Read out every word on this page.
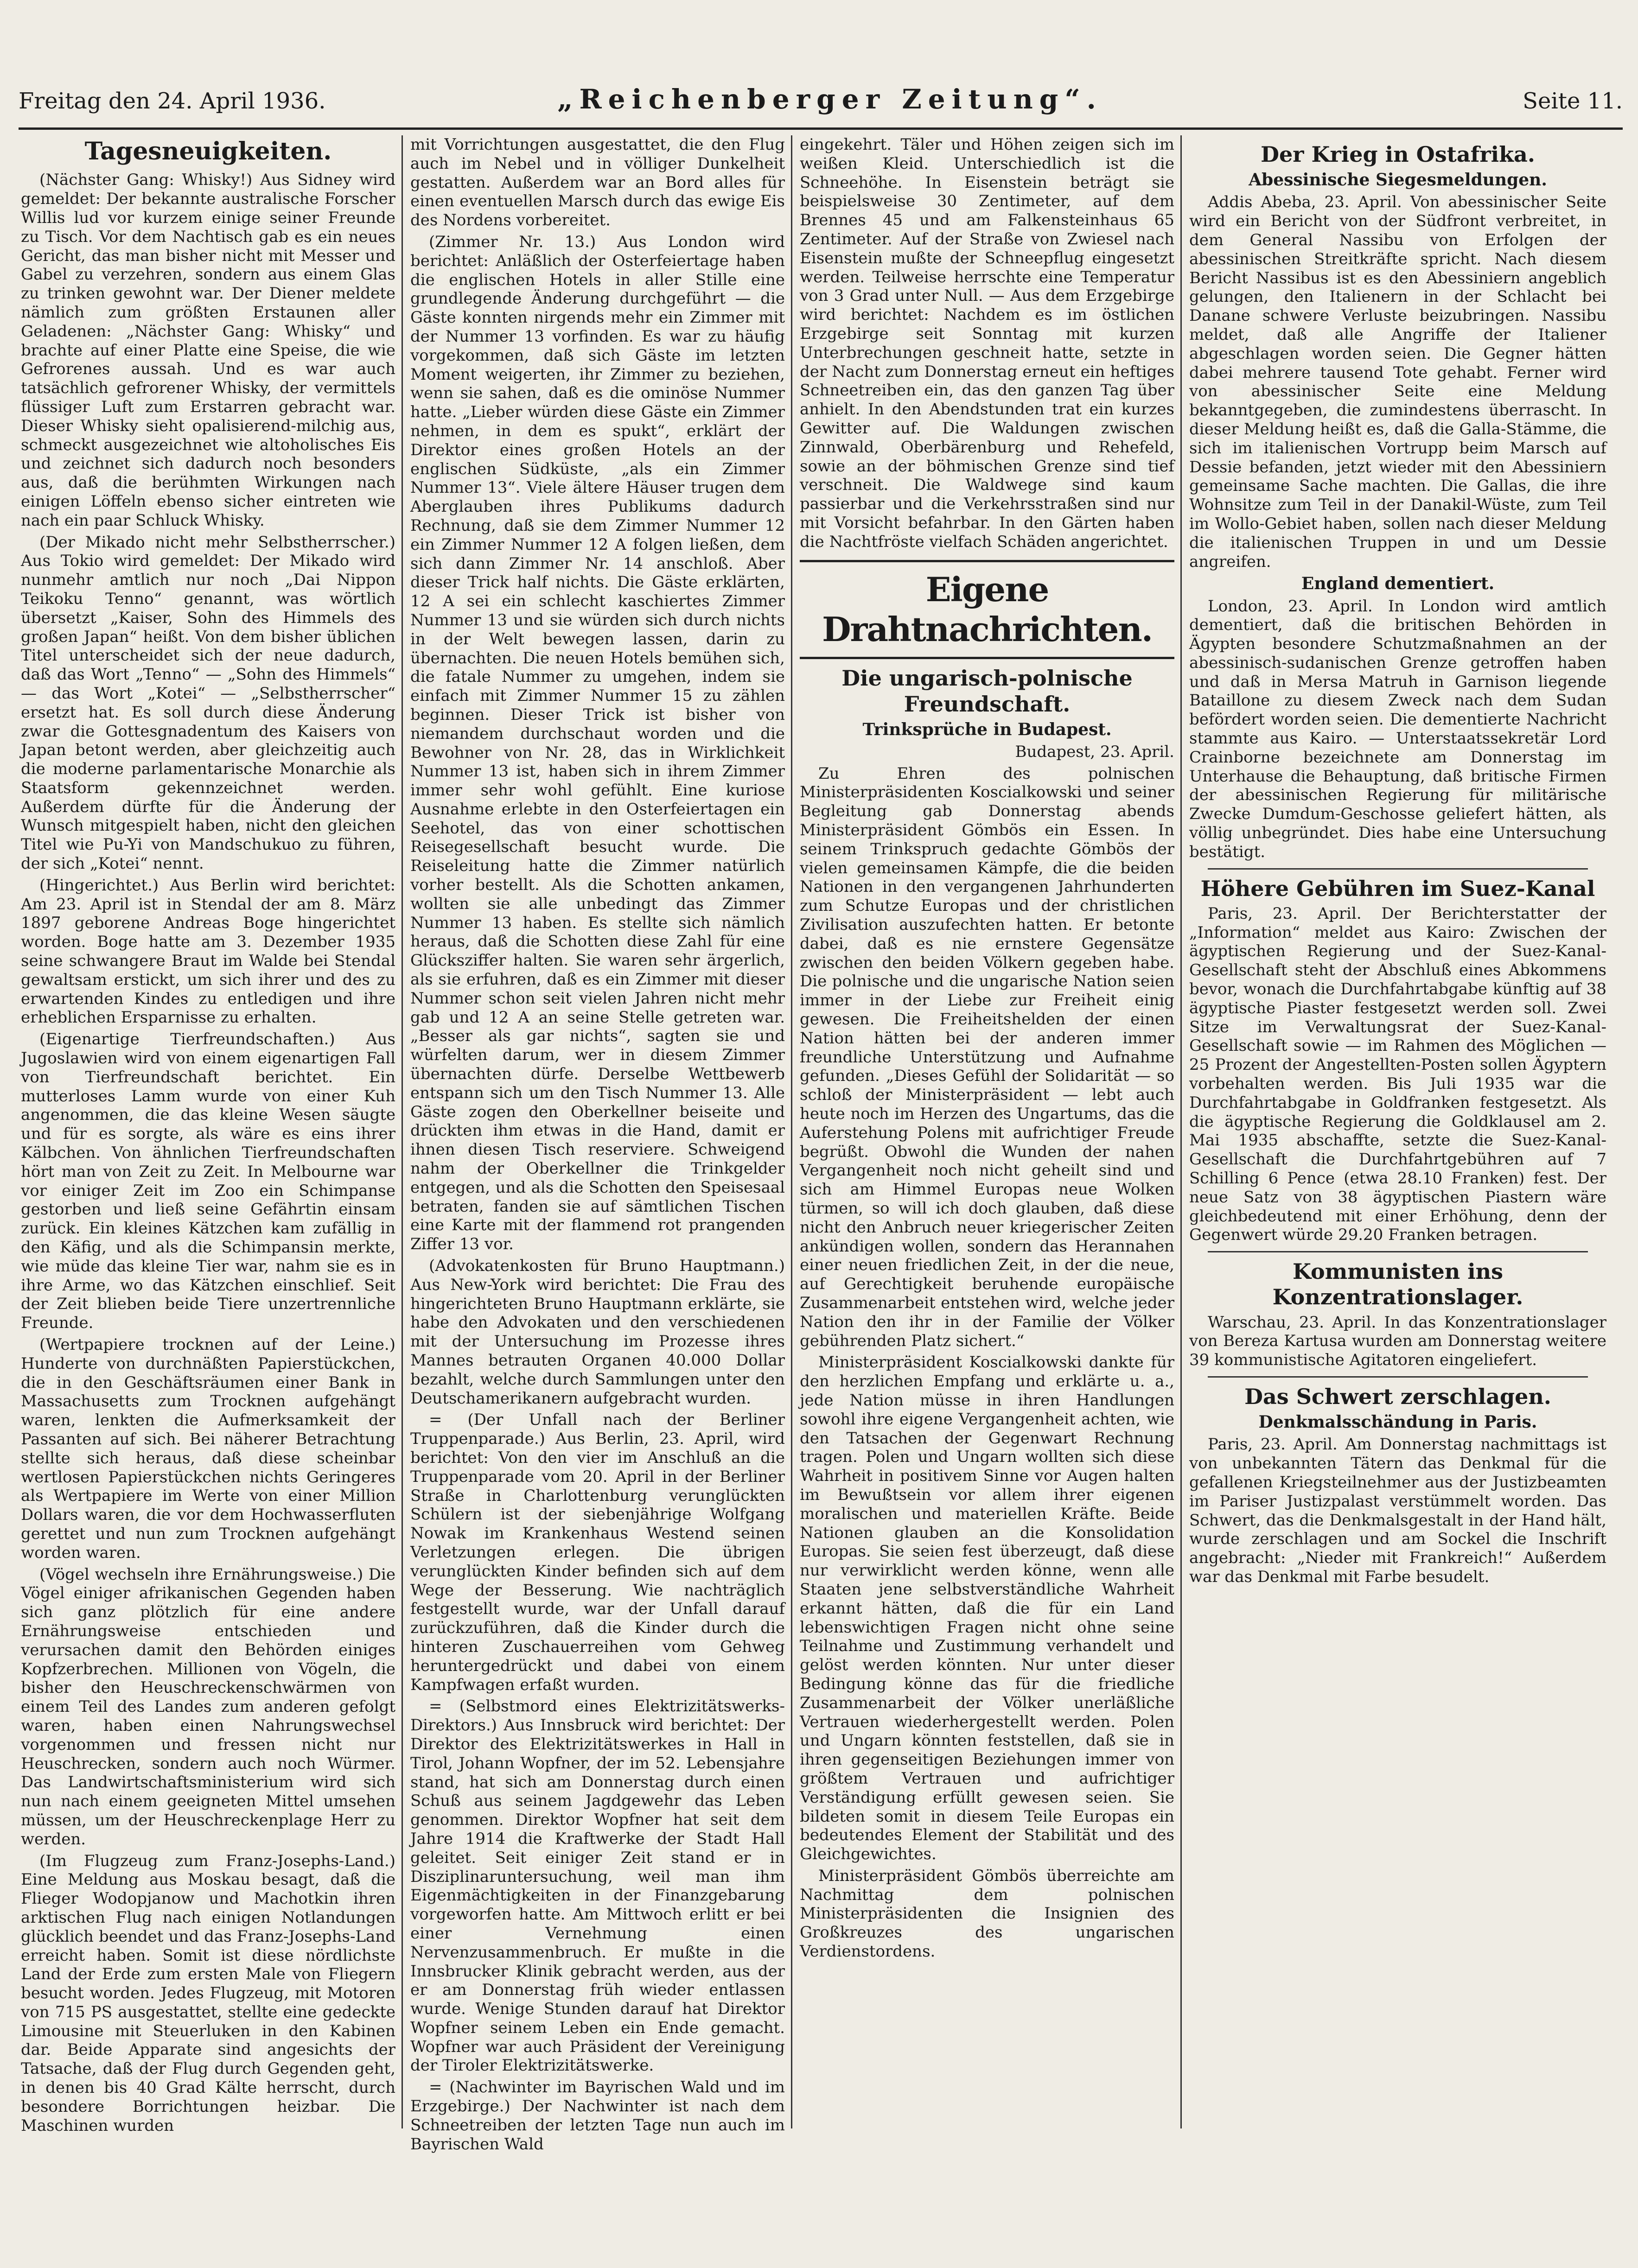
Freitag den 24. April 1936.	„Reichenberger Zeitung“.	Seite 11.
Tagesneuigkeiten.

(Nächster Gang: Whisky!) Aus Sidney wird gemeldet: Der bekannte australische Forscher Willis lud vor kurzem einige seiner Freunde zu Tisch. Vor dem Nachtisch gab es ein neues Gericht, das man bisher nicht mit Messer und Gabel zu verzehren, sondern aus einem Glas zu trinken gewohnt war. Der Diener meldete nämlich zum größten Erstaunen aller Geladenen: „Nächster Gang: Whisky“ und brachte auf einer Platte eine Speise, die wie Gefrorenes aussah. Und es war auch tatsächlich gefrorener Whisky, der vermittels flüssiger Luft zum Erstarren gebracht war. Dieser Whisky sieht opalisierend-milchig aus, schmeckt ausgezeichnet wie altoholisches Eis und zeichnet sich dadurch noch besonders aus, daß die berühmten Wirkungen nach einigen Löffeln ebenso sicher eintreten wie nach ein paar Schluck Whisky.

(Der Mikado nicht mehr Selbstherrscher.) Aus Tokio wird gemeldet: Der Mikado wird nunmehr amtlich nur noch „Dai Nippon Teikoku Tenno“ genannt, was wörtlich übersetzt „Kaiser, Sohn des Himmels des großen Japan“ heißt. Von dem bisher üblichen Titel unterscheidet sich der neue dadurch, daß das Wort „Tenno“ — „Sohn des Himmels“ — das Wort „Kotei“ — „Selbstherrscher“ ersetzt hat. Es soll durch diese Änderung zwar die Gottesgnadentum des Kaisers von Japan betont werden, aber gleichzeitig auch die moderne parlamentarische Monarchie als Staatsform gekennzeichnet werden. Außerdem dürfte für die Änderung der Wunsch mitgespielt haben, nicht den gleichen Titel wie Pu-Yi von Mandschukuo zu führen, der sich „Kotei“ nennt.

(Hingerichtet.) Aus Berlin wird berichtet: Am 23. April ist in Stendal der am 8. März 1897 geborene Andreas Boge hingerichtet worden. Boge hatte am 3. Dezember 1935 seine schwangere Braut im Walde bei Stendal gewaltsam erstickt, um sich ihrer und des zu erwartenden Kindes zu entledigen und ihre erheblichen Ersparnisse zu erhalten.

(Eigenartige Tierfreundschaften.) Aus Jugoslawien wird von einem eigenartigen Fall von Tierfreundschaft berichtet. Ein mutterloses Lamm wurde von einer Kuh angenommen, die das kleine Wesen säugte und für es sorgte, als wäre es eins ihrer Kälbchen. Von ähnlichen Tierfreundschaften hört man von Zeit zu Zeit. In Melbourne war vor einiger Zeit im Zoo ein Schimpanse gestorben und ließ seine Gefährtin einsam zurück. Ein kleines Kätzchen kam zufällig in den Käfig, und als die Schimpansin merkte, wie müde das kleine Tier war, nahm sie es in ihre Arme, wo das Kätzchen einschlief. Seit der Zeit blieben beide Tiere unzertrennliche Freunde.

(Wertpapiere trocknen auf der Leine.) Hunderte von durchnäßten Papierstückchen, die in den Geschäftsräumen einer Bank in Massachusetts zum Trocknen aufgehängt waren, lenkten die Aufmerksamkeit der Passanten auf sich. Bei näherer Betrachtung stellte sich heraus, daß diese scheinbar wertlosen Papierstückchen nichts Geringeres als Wertpapiere im Werte von einer Million Dollars waren, die vor dem Hochwasserfluten gerettet und nun zum Trocknen aufgehängt worden waren.

(Vögel wechseln ihre Ernährungsweise.) Die Vögel einiger afrikanischen Gegenden haben sich ganz plötzlich für eine andere Ernährungsweise entschieden und verursachen damit den Behörden einiges Kopfzerbrechen. Millionen von Vögeln, die bisher den Heuschreckenschwärmen von einem Teil des Landes zum anderen gefolgt waren, haben einen Nahrungswechsel vorgenommen und fressen nicht nur Heuschrecken, sondern auch noch Würmer. Das Landwirtschaftsministerium wird sich nun nach einem geeigneten Mittel umsehen müssen, um der Heuschreckenplage Herr zu werden.

(Im Flugzeug zum Franz-Josephs-Land.) Eine Meldung aus Moskau besagt, daß die Flieger Wodopjanow und Machotkin ihren arktischen Flug nach einigen Notlandungen glücklich beendet und das Franz-Josephs-Land erreicht haben. Somit ist diese nördlichste Land der Erde zum ersten Male von Fliegern besucht worden. Jedes Flugzeug, mit Motoren von 715 PS ausgestattet, stellte eine gedeckte Limousine mit Steuerluken in den Kabinen dar. Beide Apparate sind angesichts der Tatsache, daß der Flug durch Gegenden geht, in denen bis 40 Grad Kälte herrscht, durch besondere Borrichtungen heizbar. Die Maschinen wurden

mit Vorrichtungen ausgestattet, die den Flug auch im Nebel und in völliger Dunkelheit gestatten. Außerdem war an Bord alles für einen eventuellen Marsch durch das ewige Eis des Nordens vorbereitet.

(Zimmer Nr. 13.) Aus London wird berichtet: Anläßlich der Osterfeiertage haben die englischen Hotels in aller Stille eine grundlegende Änderung durchgeführt — die Gäste konnten nirgends mehr ein Zimmer mit der Nummer 13 vorfinden. Es war zu häufig vorgekommen, daß sich Gäste im letzten Moment weigerten, ihr Zimmer zu beziehen, wenn sie sahen, daß es die ominöse Nummer hatte. „Lieber würden diese Gäste ein Zimmer nehmen, in dem es spukt“, erklärt der Direktor eines großen Hotels an der englischen Südküste, „als ein Zimmer Nummer 13“. Viele ältere Häuser trugen dem Aberglauben ihres Publikums dadurch Rechnung, daß sie dem Zimmer Nummer 12 ein Zimmer Nummer 12 A folgen ließen, dem sich dann Zimmer Nr. 14 anschloß. Aber dieser Trick half nichts. Die Gäste erklärten, 12 A sei ein schlecht kaschiertes Zimmer Nummer 13 und sie würden sich durch nichts in der Welt bewegen lassen, darin zu übernachten. Die neuen Hotels bemühen sich, die fatale Nummer zu umgehen, indem sie einfach mit Zimmer Nummer 15 zu zählen beginnen. Dieser Trick ist bisher von niemandem durchschaut worden und die Bewohner von Nr. 28, das in Wirklichkeit Nummer 13 ist, haben sich in ihrem Zimmer immer sehr wohl gefühlt. Eine kuriose Ausnahme erlebte in den Osterfeiertagen ein Seehotel, das von einer schottischen Reisegesellschaft besucht wurde. Die Reiseleitung hatte die Zimmer natürlich vorher bestellt. Als die Schotten ankamen, wollten sie alle unbedingt das Zimmer Nummer 13 haben. Es stellte sich nämlich heraus, daß die Schotten diese Zahl für eine Glücksziffer halten. Sie waren sehr ärgerlich, als sie erfuhren, daß es ein Zimmer mit dieser Nummer schon seit vielen Jahren nicht mehr gab und 12 A an seine Stelle getreten war. „Besser als gar nichts“, sagten sie und würfelten darum, wer in diesem Zimmer übernachten dürfe. Derselbe Wettbewerb entspann sich um den Tisch Nummer 13. Alle Gäste zogen den Oberkellner beiseite und drückten ihm etwas in die Hand, damit er ihnen diesen Tisch reserviere. Schweigend nahm der Oberkellner die Trinkgelder entgegen, und als die Schotten den Speisesaal betraten, fanden sie auf sämtlichen Tischen eine Karte mit der flammend rot prangenden Ziffer 13 vor.

(Advokatenkosten für Bruno Hauptmann.) Aus New-York wird berichtet: Die Frau des hingerichteten Bruno Hauptmann erklärte, sie habe den Advokaten und den verschiedenen mit der Untersuchung im Prozesse ihres Mannes betrauten Organen 40.000 Dollar bezahlt, welche durch Sammlungen unter den Deutschamerikanern aufgebracht wurden.

= (Der Unfall nach der Berliner Truppenparade.) Aus Berlin, 23. April, wird berichtet: Von den vier im Anschluß an die Truppenparade vom 20. April in der Berliner Straße in Charlottenburg verunglückten Schülern ist der siebenjährige Wolfgang Nowak im Krankenhaus Westend seinen Verletzungen erlegen. Die übrigen verunglückten Kinder befinden sich auf dem Wege der Besserung. Wie nachträglich festgestellt wurde, war der Unfall darauf zurückzuführen, daß die Kinder durch die hinteren Zuschauerreihen vom Gehweg heruntergedrückt und dabei von einem Kampfwagen erfaßt wurden.

= (Selbstmord eines Elektrizitätswerks-Direktors.) Aus Innsbruck wird berichtet: Der Direktor des Elektrizitätswerkes in Hall in Tirol, Johann Wopfner, der im 52. Lebensjahre stand, hat sich am Donnerstag durch einen Schuß aus seinem Jagdgewehr das Leben genommen. Direktor Wopfner hat seit dem Jahre 1914 die Kraftwerke der Stadt Hall geleitet. Seit einiger Zeit stand er in Disziplinaruntersuchung, weil man ihm Eigenmächtigkeiten in der Finanzgebarung vorgeworfen hatte. Am Mittwoch erlitt er bei einer Vernehmung einen Nervenzusammenbruch. Er mußte in die Innsbrucker Klinik gebracht werden, aus der er am Donnerstag früh wieder entlassen wurde. Wenige Stunden darauf hat Direktor Wopfner seinem Leben ein Ende gemacht. Wopfner war auch Präsident der Vereinigung der Tiroler Elektrizitätswerke.

= (Nachwinter im Bayrischen Wald und im Erzgebirge.) Der Nachwinter ist nach dem Schneetreiben der letzten Tage nun auch im Bayrischen Wald

eingekehrt. Täler und Höhen zeigen sich im weißen Kleid. Unterschiedlich ist die Schneehöhe. In Eisenstein beträgt sie beispielsweise 30 Zentimeter, auf dem Brennes 45 und am Falkensteinhaus 65 Zentimeter. Auf der Straße von Zwiesel nach Eisenstein mußte der Schneepflug eingesetzt werden. Teilweise herrschte eine Temperatur von 3 Grad unter Null. — Aus dem Erzgebirge wird berichtet: Nachdem es im östlichen Erzgebirge seit Sonntag mit kurzen Unterbrechungen geschneit hatte, setzte in der Nacht zum Donnerstag erneut ein heftiges Schneetreiben ein, das den ganzen Tag über anhielt. In den Abendstunden trat ein kurzes Gewitter auf. Die Waldungen zwischen Zinnwald, Oberbärenburg und Rehefeld, sowie an der böhmischen Grenze sind tief verschneit. Die Waldwege sind kaum passierbar und die Verkehrsstraßen sind nur mit Vorsicht befahrbar. In den Gärten haben die Nachtfröste vielfach Schäden angerichtet.

Eigene Drahtnachrichten.
Die ungarisch-polnische Freundschaft.
Trinksprüche in Budapest.
Budapest, 23. April.

Zu Ehren des polnischen Ministerpräsidenten Koscialkowski und seiner Begleitung gab Donnerstag abends Ministerpräsident Gömbös ein Essen. In seinem Trinkspruch gedachte Gömbös der vielen gemeinsamen Kämpfe, die die beiden Nationen in den vergangenen Jahrhunderten zum Schutze Europas und der christlichen Zivilisation auszufechten hatten. Er betonte dabei, daß es nie ernstere Gegensätze zwischen den beiden Völkern gegeben habe. Die polnische und die ungarische Nation seien immer in der Liebe zur Freiheit einig gewesen. Die Freiheitshelden der einen Nation hätten bei der anderen immer freundliche Unterstützung und Aufnahme gefunden. „Dieses Gefühl der Solidarität — so schloß der Ministerpräsident — lebt auch heute noch im Herzen des Ungartums, das die Auferstehung Polens mit aufrichtiger Freude begrüßt. Obwohl die Wunden der nahen Vergangenheit noch nicht geheilt sind und sich am Himmel Europas neue Wolken türmen, so will ich doch glauben, daß diese nicht den Anbruch neuer kriegerischer Zeiten ankündigen wollen, sondern das Herannahen einer neuen friedlichen Zeit, in der die neue, auf Gerechtigkeit beruhende europäische Zusammenarbeit entstehen wird, welche jeder Nation den ihr in der Familie der Völker gebührenden Platz sichert.“

Ministerpräsident Koscialkowski dankte für den herzlichen Empfang und erklärte u. a., jede Nation müsse in ihren Handlungen sowohl ihre eigene Vergangenheit achten, wie den Tatsachen der Gegenwart Rechnung tragen. Polen und Ungarn wollten sich diese Wahrheit in positivem Sinne vor Augen halten im Bewußtsein vor allem ihrer eigenen moralischen und materiellen Kräfte. Beide Nationen glauben an die Konsolidation Europas. Sie seien fest überzeugt, daß diese nur verwirklicht werden könne, wenn alle Staaten jene selbstverständliche Wahrheit erkannt hätten, daß die für ein Land lebenswichtigen Fragen nicht ohne seine Teilnahme und Zustimmung verhandelt und gelöst werden könnten. Nur unter dieser Bedingung könne das für die friedliche Zusammenarbeit der Völker unerläßliche Vertrauen wiederhergestellt werden. Polen und Ungarn könnten feststellen, daß sie in ihren gegenseitigen Beziehungen immer von größtem Vertrauen und aufrichtiger Verständigung erfüllt gewesen seien. Sie bildeten somit in diesem Teile Europas ein bedeutendes Element der Stabilität und des Gleichgewichtes.

Ministerpräsident Gömbös überreichte am Nachmittag dem polnischen Ministerpräsidenten die Insignien des Großkreuzes des ungarischen Verdienstordens.

Der Krieg in Ostafrika.
Abessinische Siegesmeldungen.

Addis Abeba, 23. April. Von abessinischer Seite wird ein Bericht von der Südfront verbreitet, in dem General Nassibu von Erfolgen der abessinischen Streitkräfte spricht. Nach diesem Bericht Nassibus ist es den Abessiniern angeblich gelungen, den Italienern in der Schlacht bei Danane schwere Verluste beizubringen. Nassibu meldet, daß alle Angriffe der Italiener abgeschlagen worden seien. Die Gegner hätten dabei mehrere tausend Tote gehabt. Ferner wird von abessinischer Seite eine Meldung bekanntgegeben, die zumindestens überrascht. In dieser Meldung heißt es, daß die Galla-Stämme, die sich im italienischen Vortrupp beim Marsch auf Dessie befanden, jetzt wieder mit den Abessiniern gemeinsame Sache machten. Die Gallas, die ihre Wohnsitze zum Teil in der Danakil-Wüste, zum Teil im Wollo-Gebiet haben, sollen nach dieser Meldung die italienischen Truppen in und um Dessie angreifen.

England dementiert.

London, 23. April. In London wird amtlich dementiert, daß die britischen Behörden in Ägypten besondere Schutzmaßnahmen an der abessinisch-sudanischen Grenze getroffen haben und daß in Mersa Matruh in Garnison liegende Bataillone zu diesem Zweck nach dem Sudan befördert worden seien. Die dementierte Nachricht stammte aus Kairo. — Unterstaatssekretär Lord Crainborne bezeichnete am Donnerstag im Unterhause die Behauptung, daß britische Firmen der abessinischen Regierung für militärische Zwecke Dumdum-Geschosse geliefert hätten, als völlig unbegründet. Dies habe eine Untersuchung bestätigt.

Höhere Gebühren im Suez-Kanal

Paris, 23. April. Der Berichterstatter der „Information“ meldet aus Kairo: Zwischen der ägyptischen Regierung und der Suez-Kanal-Gesellschaft steht der Abschluß eines Abkommens bevor, wonach die Durchfahrtabgabe künftig auf 38 ägyptische Piaster festgesetzt werden soll. Zwei Sitze im Verwaltungsrat der Suez-Kanal-Gesellschaft sowie — im Rahmen des Möglichen — 25 Prozent der Angestellten-Posten sollen Ägyptern vorbehalten werden. Bis Juli 1935 war die Durchfahrtabgabe in Goldfranken festgesetzt. Als die ägyptische Regierung die Goldklausel am 2. Mai 1935 abschaffte, setzte die Suez-Kanal-Gesellschaft die Durchfahrtgebühren auf 7 Schilling 6 Pence (etwa 28.10 Franken) fest. Der neue Satz von 38 ägyptischen Piastern wäre gleichbedeutend mit einer Erhöhung, denn der Gegenwert würde 29.20 Franken betragen.

Kommunisten ins Konzentrationslager.

Warschau, 23. April. In das Konzentrationslager von Bereza Kartusa wurden am Donnerstag weitere 39 kommunistische Agitatoren eingeliefert.

Das Schwert zerschlagen.
Denkmalsschändung in Paris.

Paris, 23. April. Am Donnerstag nachmittags ist von unbekannten Tätern das Denkmal für die gefallenen Kriegsteilnehmer aus der Justizbeamten im Pariser Justizpalast verstümmelt worden. Das Schwert, das die Denkmalsgestalt in der Hand hält, wurde zerschlagen und am Sockel die Inschrift angebracht: „Nieder mit Frankreich!“ Außerdem war das Denkmal mit Farbe besudelt.
